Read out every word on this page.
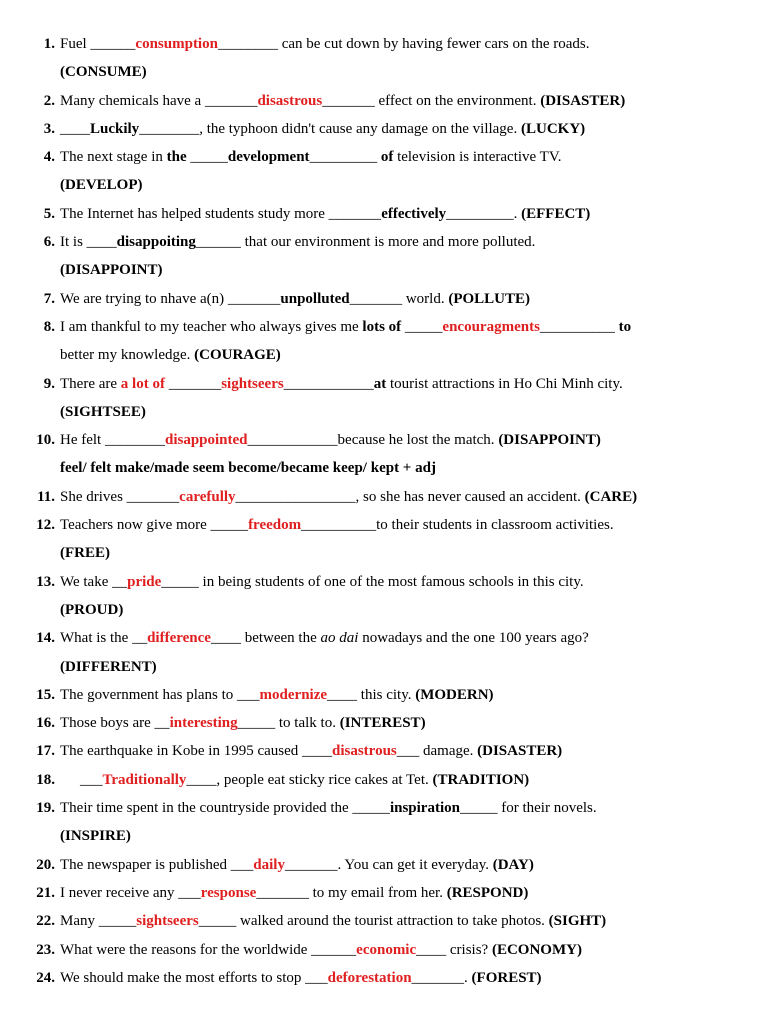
1. Fuel ______consumption________ can be cut down by having fewer cars on the roads.
(CONSUME)
2. Many chemicals have a _______disastrous_______ effect on the environment. (DISASTER)
3. ____Luckily________, the typhoon didn't cause any damage on the village. (LUCKY)
4. The next stage in the _____development_________ of television is interactive TV.
(DEVELOP)
5. The Internet has helped students study more _______effectively_________. (EFFECT)
6. It is ____disappoiting______ that our environment is more and more polluted.
(DISAPPOINT)
7. We are trying to nhave a(n) _______unpolluted_______ world. (POLLUTE)
8. I am thankful to my teacher who always gives me lots of _____encouragments__________ to
better my knowledge. (COURAGE)
9. There are a lot of _______sightseers____________at tourist attractions in Ho Chi Minh city.
(SIGHTSEE)
10. He felt ________disappointed____________because he lost the match. (DISAPPOINT)
feel/ felt make/made seem become/became keep/ kept + adj
11. She drives _______carefully________________, so she has never caused an accident. (CARE)
12. Teachers now give more _____freedom__________to their students in classroom activities.
(FREE)
13. We take __pride_____ in being students of one of the most famous schools in this city.
(PROUD)
14. What is the __difference____ between the ao dai nowadays and the one 100 years ago?
(DIFFERENT)
15. The government has plans to ___modernize____ this city. (MODERN)
16. Those boys are __interesting_____ to talk to. (INTEREST)
17. The earthquake in Kobe in 1995 caused ____disastrous___ damage. (DISASTER)
18. ___Traditionally____, people eat sticky rice cakes at Tet. (TRADITION)
19. Their time spent in the countryside provided the _____inspiration_____ for their novels.
(INSPIRE)
20. The newspaper is published ___daily_______. You can get it everyday. (DAY)
21. I never receive any ___response_______ to my email from her. (RESPOND)
22. Many _____sightseers_____ walked around the tourist attraction to take photos. (SIGHT)
23. What were the reasons for the worldwide ______economic____ crisis? (ECONOMY)
24. We should make the most efforts to stop ___deforestation_______. (FOREST)
